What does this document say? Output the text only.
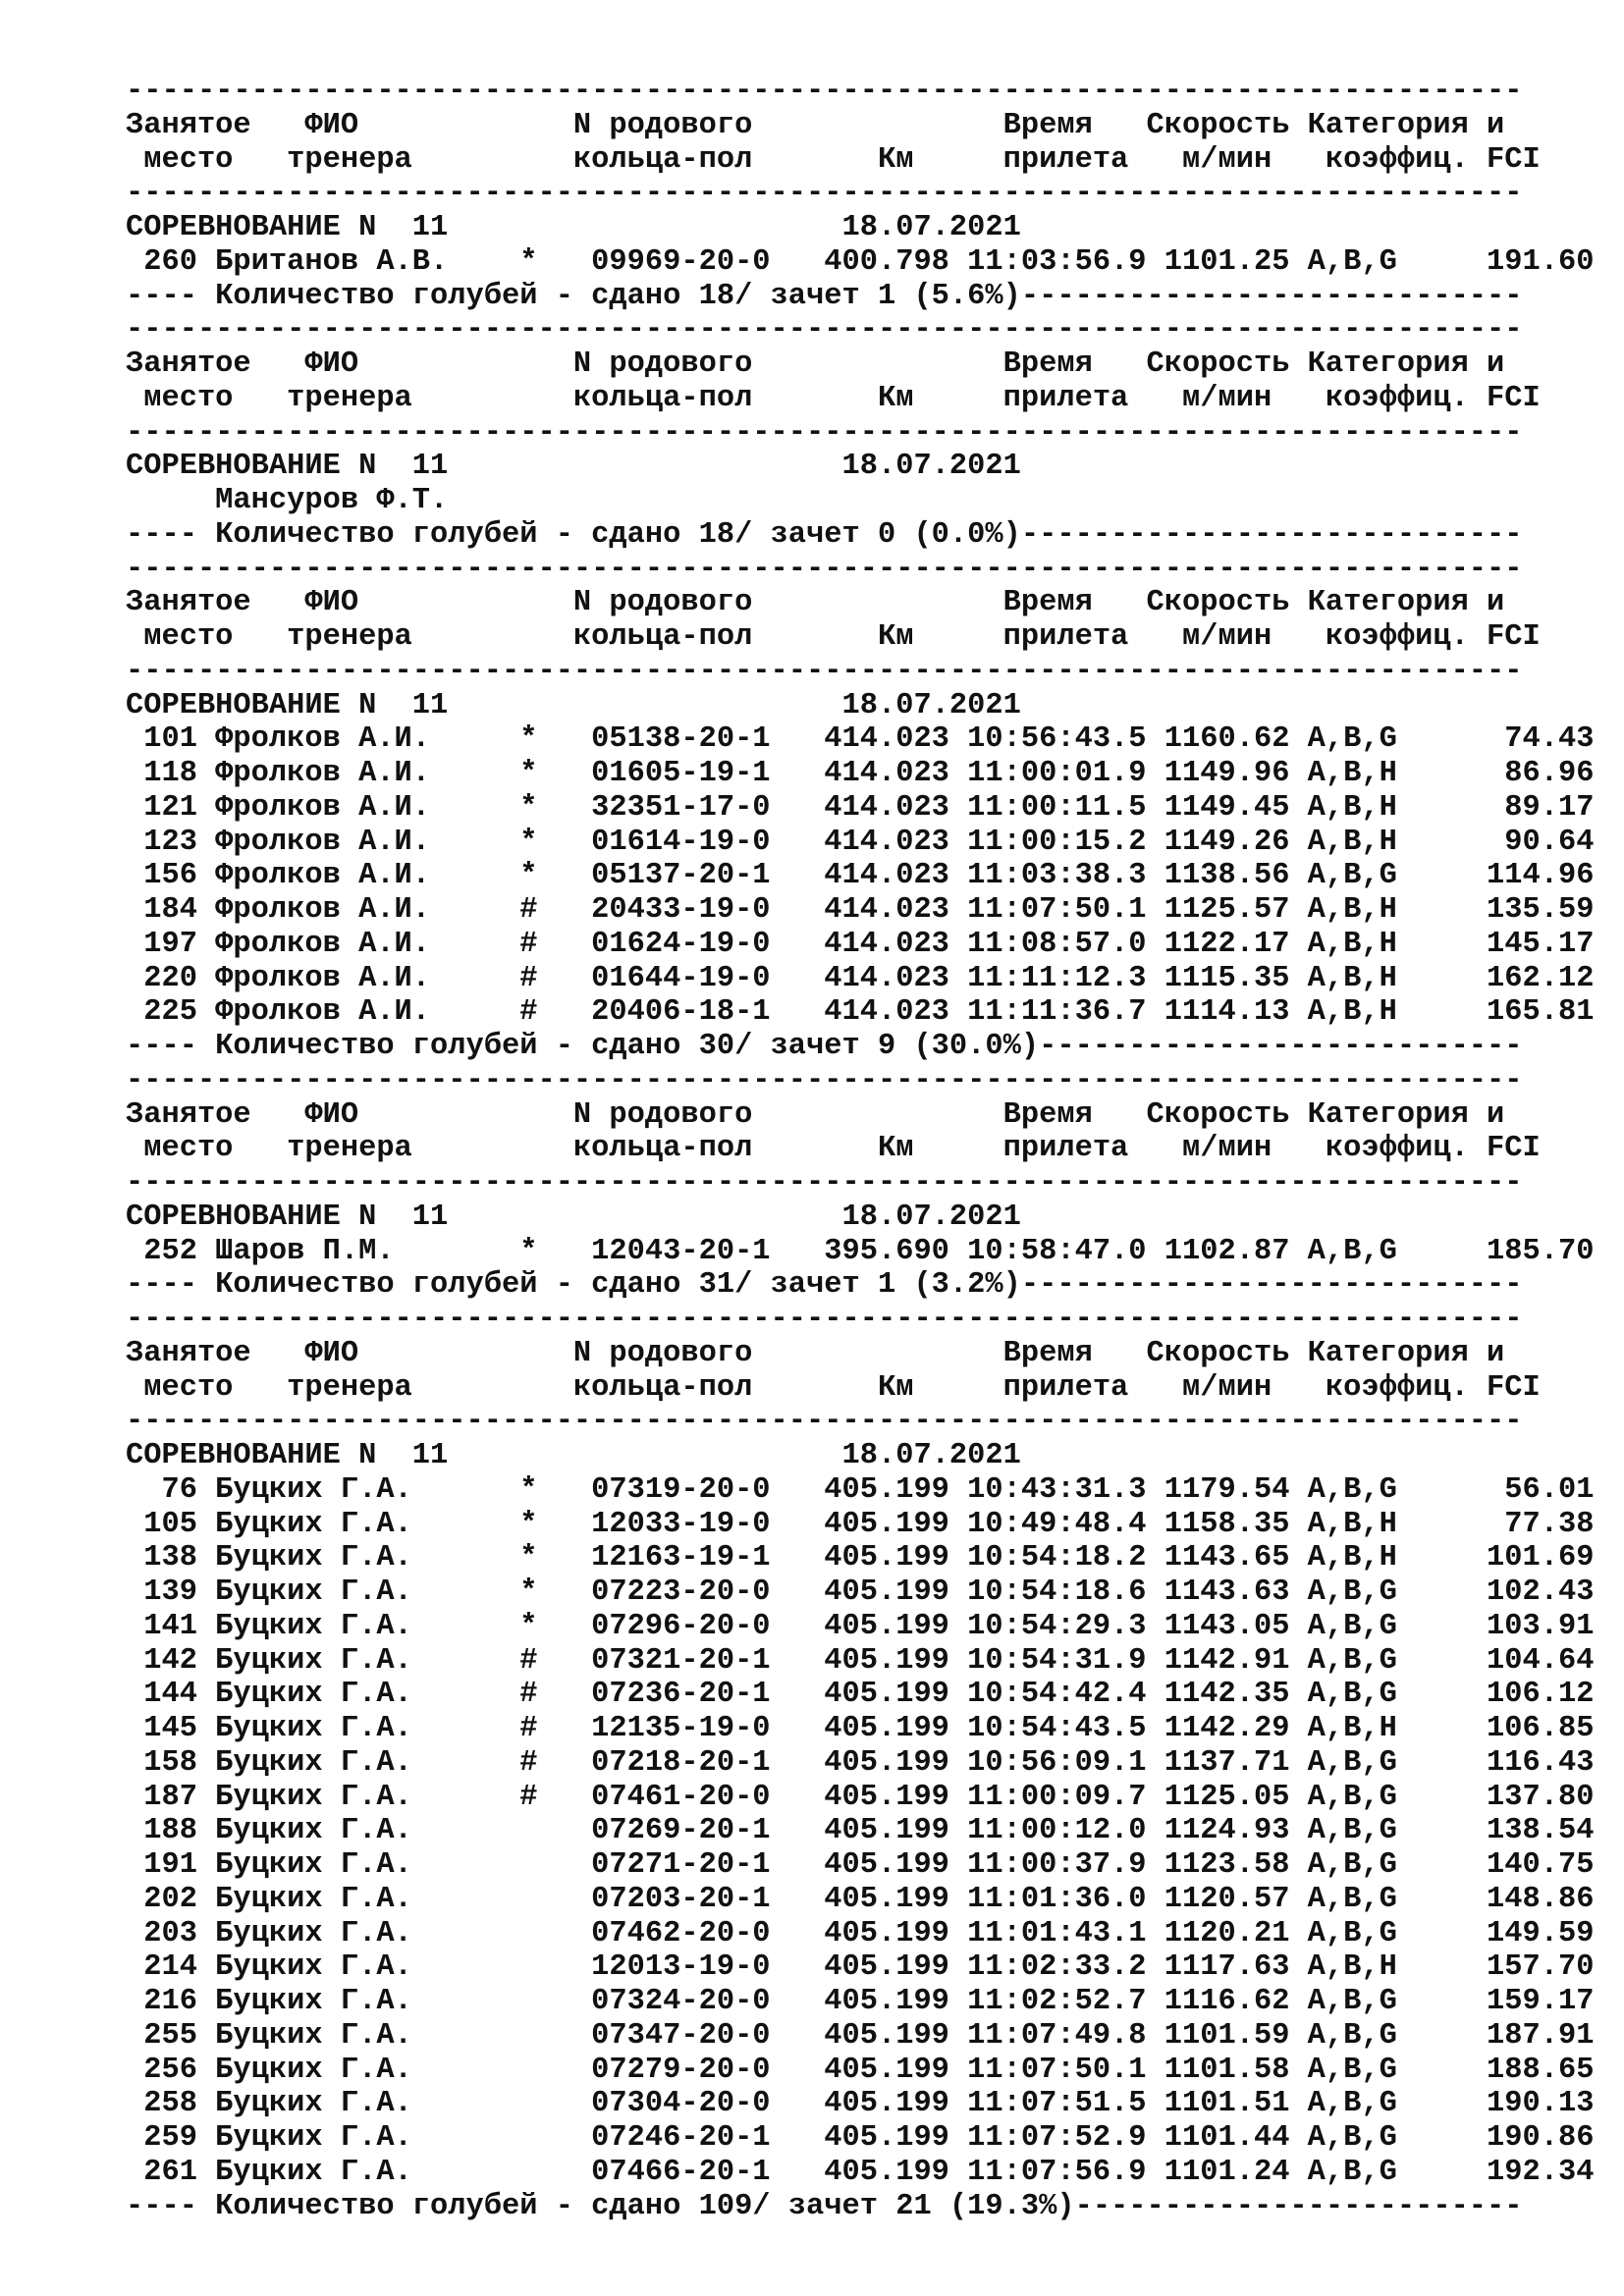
------------------------------------------------------------------------------
Занятое   ФИО            N родового              Время   Скорость Категория и
место   тренера         кольца-пол       Км     прилета   м/мин   коэффиц. FCI
------------------------------------------------------------------------------
СОРЕВНОВАНИЕ N  11                      18.07.2021
260 Британов А.В.    *   09969-20-0   400.798 11:03:56.9 1101.25 A,B,G     191.60
---- Количество голубей - сдано 18/ зачет 1 (5.6%)----------------------------
------------------------------------------------------------------------------
Занятое   ФИО            N родового              Время   Скорость Категория и
место   тренера         кольца-пол       Км     прилета   м/мин   коэффиц. FCI
------------------------------------------------------------------------------
СОРЕВНОВАНИЕ N  11                      18.07.2021
Мансуров Ф.Т.
---- Количество голубей - сдано 18/ зачет 0 (0.0%)----------------------------
------------------------------------------------------------------------------
Занятое   ФИО            N родового              Время   Скорость Категория и
место   тренера         кольца-пол       Км     прилета   м/мин   коэффиц. FCI
------------------------------------------------------------------------------
СОРЕВНОВАНИЕ N  11                      18.07.2021
101 Фролков А.И.     *   05138-20-1   414.023 10:56:43.5 1160.62 A,B,G      74.43
118 Фролков А.И.     *   01605-19-1   414.023 11:00:01.9 1149.96 A,B,H      86.96
121 Фролков А.И.     *   32351-17-0   414.023 11:00:11.5 1149.45 A,B,H      89.17
123 Фролков А.И.     *   01614-19-0   414.023 11:00:15.2 1149.26 A,B,H      90.64
156 Фролков А.И.     *   05137-20-1   414.023 11:03:38.3 1138.56 A,B,G     114.96
184 Фролков А.И.     #   20433-19-0   414.023 11:07:50.1 1125.57 A,B,H     135.59
197 Фролков А.И.     #   01624-19-0   414.023 11:08:57.0 1122.17 A,B,H     145.17
220 Фролков А.И.     #   01644-19-0   414.023 11:11:12.3 1115.35 A,B,H     162.12
225 Фролков А.И.     #   20406-18-1   414.023 11:11:36.7 1114.13 A,B,H     165.81
---- Количество голубей - сдано 30/ зачет 9 (30.0%)---------------------------
------------------------------------------------------------------------------
Занятое   ФИО            N родового              Время   Скорость Категория и
место   тренера         кольца-пол       Км     прилета   м/мин   коэффиц. FCI
------------------------------------------------------------------------------
СОРЕВНОВАНИЕ N  11                      18.07.2021
252 Шаров П.М.       *   12043-20-1   395.690 10:58:47.0 1102.87 A,B,G     185.70
---- Количество голубей - сдано 31/ зачет 1 (3.2%)----------------------------
------------------------------------------------------------------------------
Занятое   ФИО            N родового              Время   Скорость Категория и
место   тренера         кольца-пол       Км     прилета   м/мин   коэффиц. FCI
------------------------------------------------------------------------------
СОРЕВНОВАНИЕ N  11                      18.07.2021
76 Буцких Г.А.      *   07319-20-0   405.199 10:43:31.3 1179.54 A,B,G      56.01
105 Буцких Г.А.      *   12033-19-0   405.199 10:49:48.4 1158.35 A,B,H      77.38
138 Буцких Г.А.      *   12163-19-1   405.199 10:54:18.2 1143.65 A,B,H     101.69
139 Буцких Г.А.      *   07223-20-0   405.199 10:54:18.6 1143.63 A,B,G     102.43
141 Буцких Г.А.      *   07296-20-0   405.199 10:54:29.3 1143.05 A,B,G     103.91
142 Буцких Г.А.      #   07321-20-1   405.199 10:54:31.9 1142.91 A,B,G     104.64
144 Буцких Г.А.      #   07236-20-1   405.199 10:54:42.4 1142.35 A,B,G     106.12
145 Буцких Г.А.      #   12135-19-0   405.199 10:54:43.5 1142.29 A,B,H     106.85
158 Буцких Г.А.      #   07218-20-1   405.199 10:56:09.1 1137.71 A,B,G     116.43
187 Буцких Г.А.      #   07461-20-0   405.199 11:00:09.7 1125.05 A,B,G     137.80
188 Буцких Г.А.          07269-20-1   405.199 11:00:12.0 1124.93 A,B,G     138.54
191 Буцких Г.А.          07271-20-1   405.199 11:00:37.9 1123.58 A,B,G     140.75
202 Буцких Г.А.          07203-20-1   405.199 11:01:36.0 1120.57 A,B,G     148.86
203 Буцких Г.А.          07462-20-0   405.199 11:01:43.1 1120.21 A,B,G     149.59
214 Буцких Г.А.          12013-19-0   405.199 11:02:33.2 1117.63 A,B,H     157.70
216 Буцких Г.А.          07324-20-0   405.199 11:02:52.7 1116.62 A,B,G     159.17
255 Буцких Г.А.          07347-20-0   405.199 11:07:49.8 1101.59 A,B,G     187.91
256 Буцких Г.А.          07279-20-0   405.199 11:07:50.1 1101.58 A,B,G     188.65
258 Буцких Г.А.          07304-20-0   405.199 11:07:51.5 1101.51 A,B,G     190.13
259 Буцких Г.А.          07246-20-1   405.199 11:07:52.9 1101.44 A,B,G     190.86
261 Буцких Г.А.          07466-20-1   405.199 11:07:56.9 1101.24 A,B,G     192.34
---- Количество голубей - сдано 109/ зачет 21 (19.3%)-------------------------
